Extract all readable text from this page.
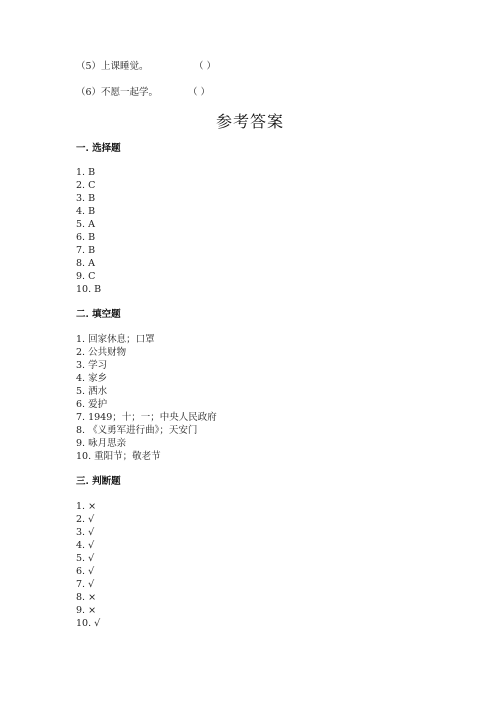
（5）上课睡觉。	（ ）
（6）不愿一起学。	（ ）
参考答案
一. 选择题
1. B
2. C
3. B
4. B
5. A
6. B
7. B
8. A
9. C
10. B
二. 填空题
1. 回家休息；口罩
2. 公共财物
3. 学习
4. 家乡
5. 洒水
6. 爱护
7. 1949；十；一；中央人民政府
8. 《义勇军进行曲》；天安门
9. 咏月思亲
10. 重阳节；敬老节
三. 判断题
1. ×
2. √
3. √
4. √
5. √
6. √
7. √
8. ×
9. ×
10. √
